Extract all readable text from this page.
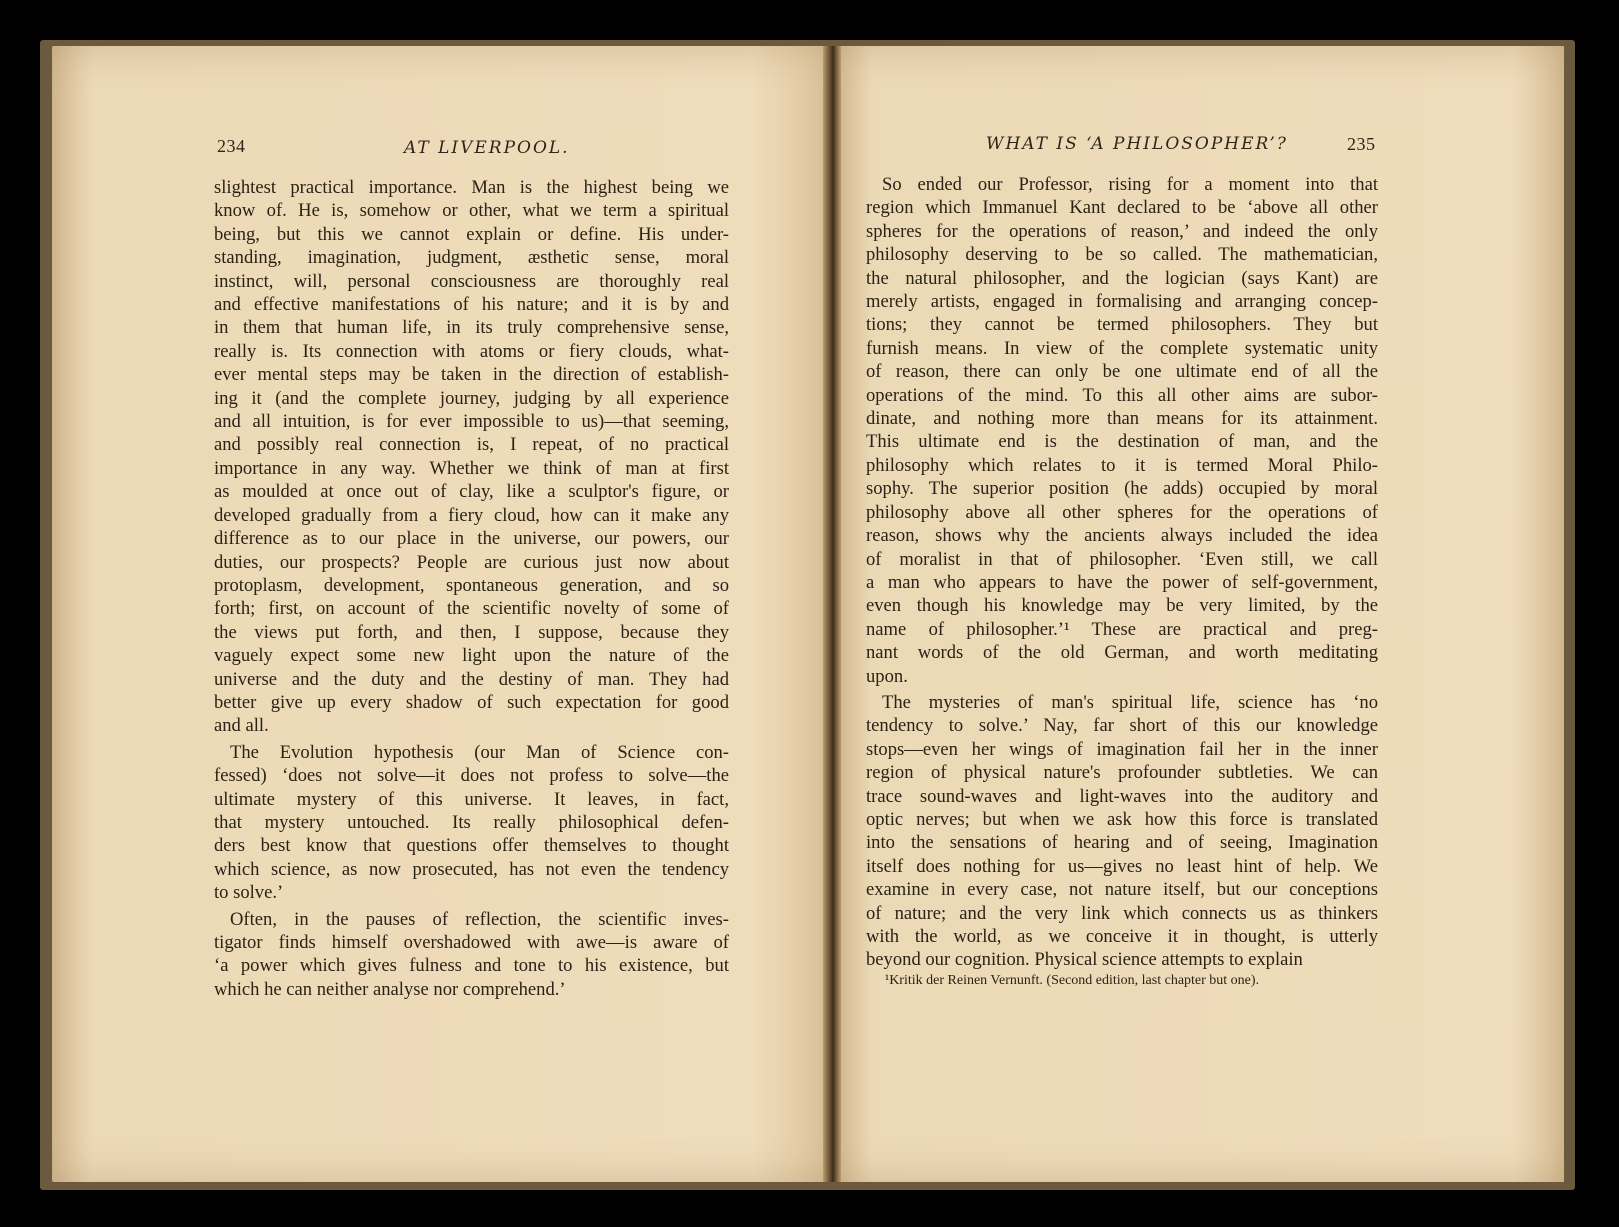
234	AT LIVERPOOL.	WHAT IS ‘A PHILOSOPHER’?	235

slightest practical importance. Man is the highest being we
know of. He is, somehow or other, what we term a spiritual
being, but this we cannot explain or define. His under-
standing, imagination, judgment, æsthetic sense, moral
instinct, will, personal consciousness are thoroughly real
and effective manifestations of his nature; and it is by and
in them that human life, in its truly comprehensive sense,
really is. Its connection with atoms or fiery clouds, what-
ever mental steps may be taken in the direction of establish-
ing it (and the complete journey, judging by all experience
and all intuition, is for ever impossible to us)—that seeming,
and possibly real connection is, I repeat, of no practical
importance in any way. Whether we think of man at first
as moulded at once out of clay, like a sculptor's figure, or
developed gradually from a fiery cloud, how can it make any
difference as to our place in the universe, our powers, our
duties, our prospects? People are curious just now about
protoplasm, development, spontaneous generation, and so
forth; first, on account of the scientific novelty of some of
the views put forth, and then, I suppose, because they
vaguely expect some new light upon the nature of the
universe and the duty and the destiny of man. They had
better give up every shadow of such expectation for good
and all.

The Evolution hypothesis (our Man of Science con-
fessed) ‘does not solve—it does not profess to solve—the
ultimate mystery of this universe. It leaves, in fact,
that mystery untouched. Its really philosophical defen-
ders best know that questions offer themselves to thought
which science, as now prosecuted, has not even the tendency
to solve.’

Often, in the pauses of reflection, the scientific inves-
tigator finds himself overshadowed with awe—is aware of
‘a power which gives fulness and tone to his existence, but
which he can neither analyse nor comprehend.’

So ended our Professor, rising for a moment into that
region which Immanuel Kant declared to be ‘above all other
spheres for the operations of reason,’ and indeed the only
philosophy deserving to be so called. The mathematician,
the natural philosopher, and the logician (says Kant) are
merely artists, engaged in formalising and arranging concep-
tions; they cannot be termed philosophers. They but
furnish means. In view of the complete systematic unity
of reason, there can only be one ultimate end of all the
operations of the mind. To this all other aims are subor-
dinate, and nothing more than means for its attainment.
This ultimate end is the destination of man, and the
philosophy which relates to it is termed Moral Philo-
sophy. The superior position (he adds) occupied by moral
philosophy above all other spheres for the operations of
reason, shows why the ancients always included the idea
of moralist in that of philosopher. ‘Even still, we call
a man who appears to have the power of self-government,
even though his knowledge may be very limited, by the
name of philosopher.’¹ These are practical and preg-
nant words of the old German, and worth meditating
upon.

The mysteries of man's spiritual life, science has ‘no
tendency to solve.’ Nay, far short of this our knowledge
stops—even her wings of imagination fail her in the inner
region of physical nature's profounder subtleties. We can
trace sound-waves and light-waves into the auditory and
optic nerves; but when we ask how this force is translated
into the sensations of hearing and of seeing, Imagination
itself does nothing for us—gives no least hint of help. We
examine in every case, not nature itself, but our conceptions
of nature; and the very link which connects us as thinkers
with the world, as we conceive it in thought, is utterly
beyond our cognition. Physical science attempts to explain

¹Kritik der Reinen Vernunft. (Second edition, last chapter but one).
